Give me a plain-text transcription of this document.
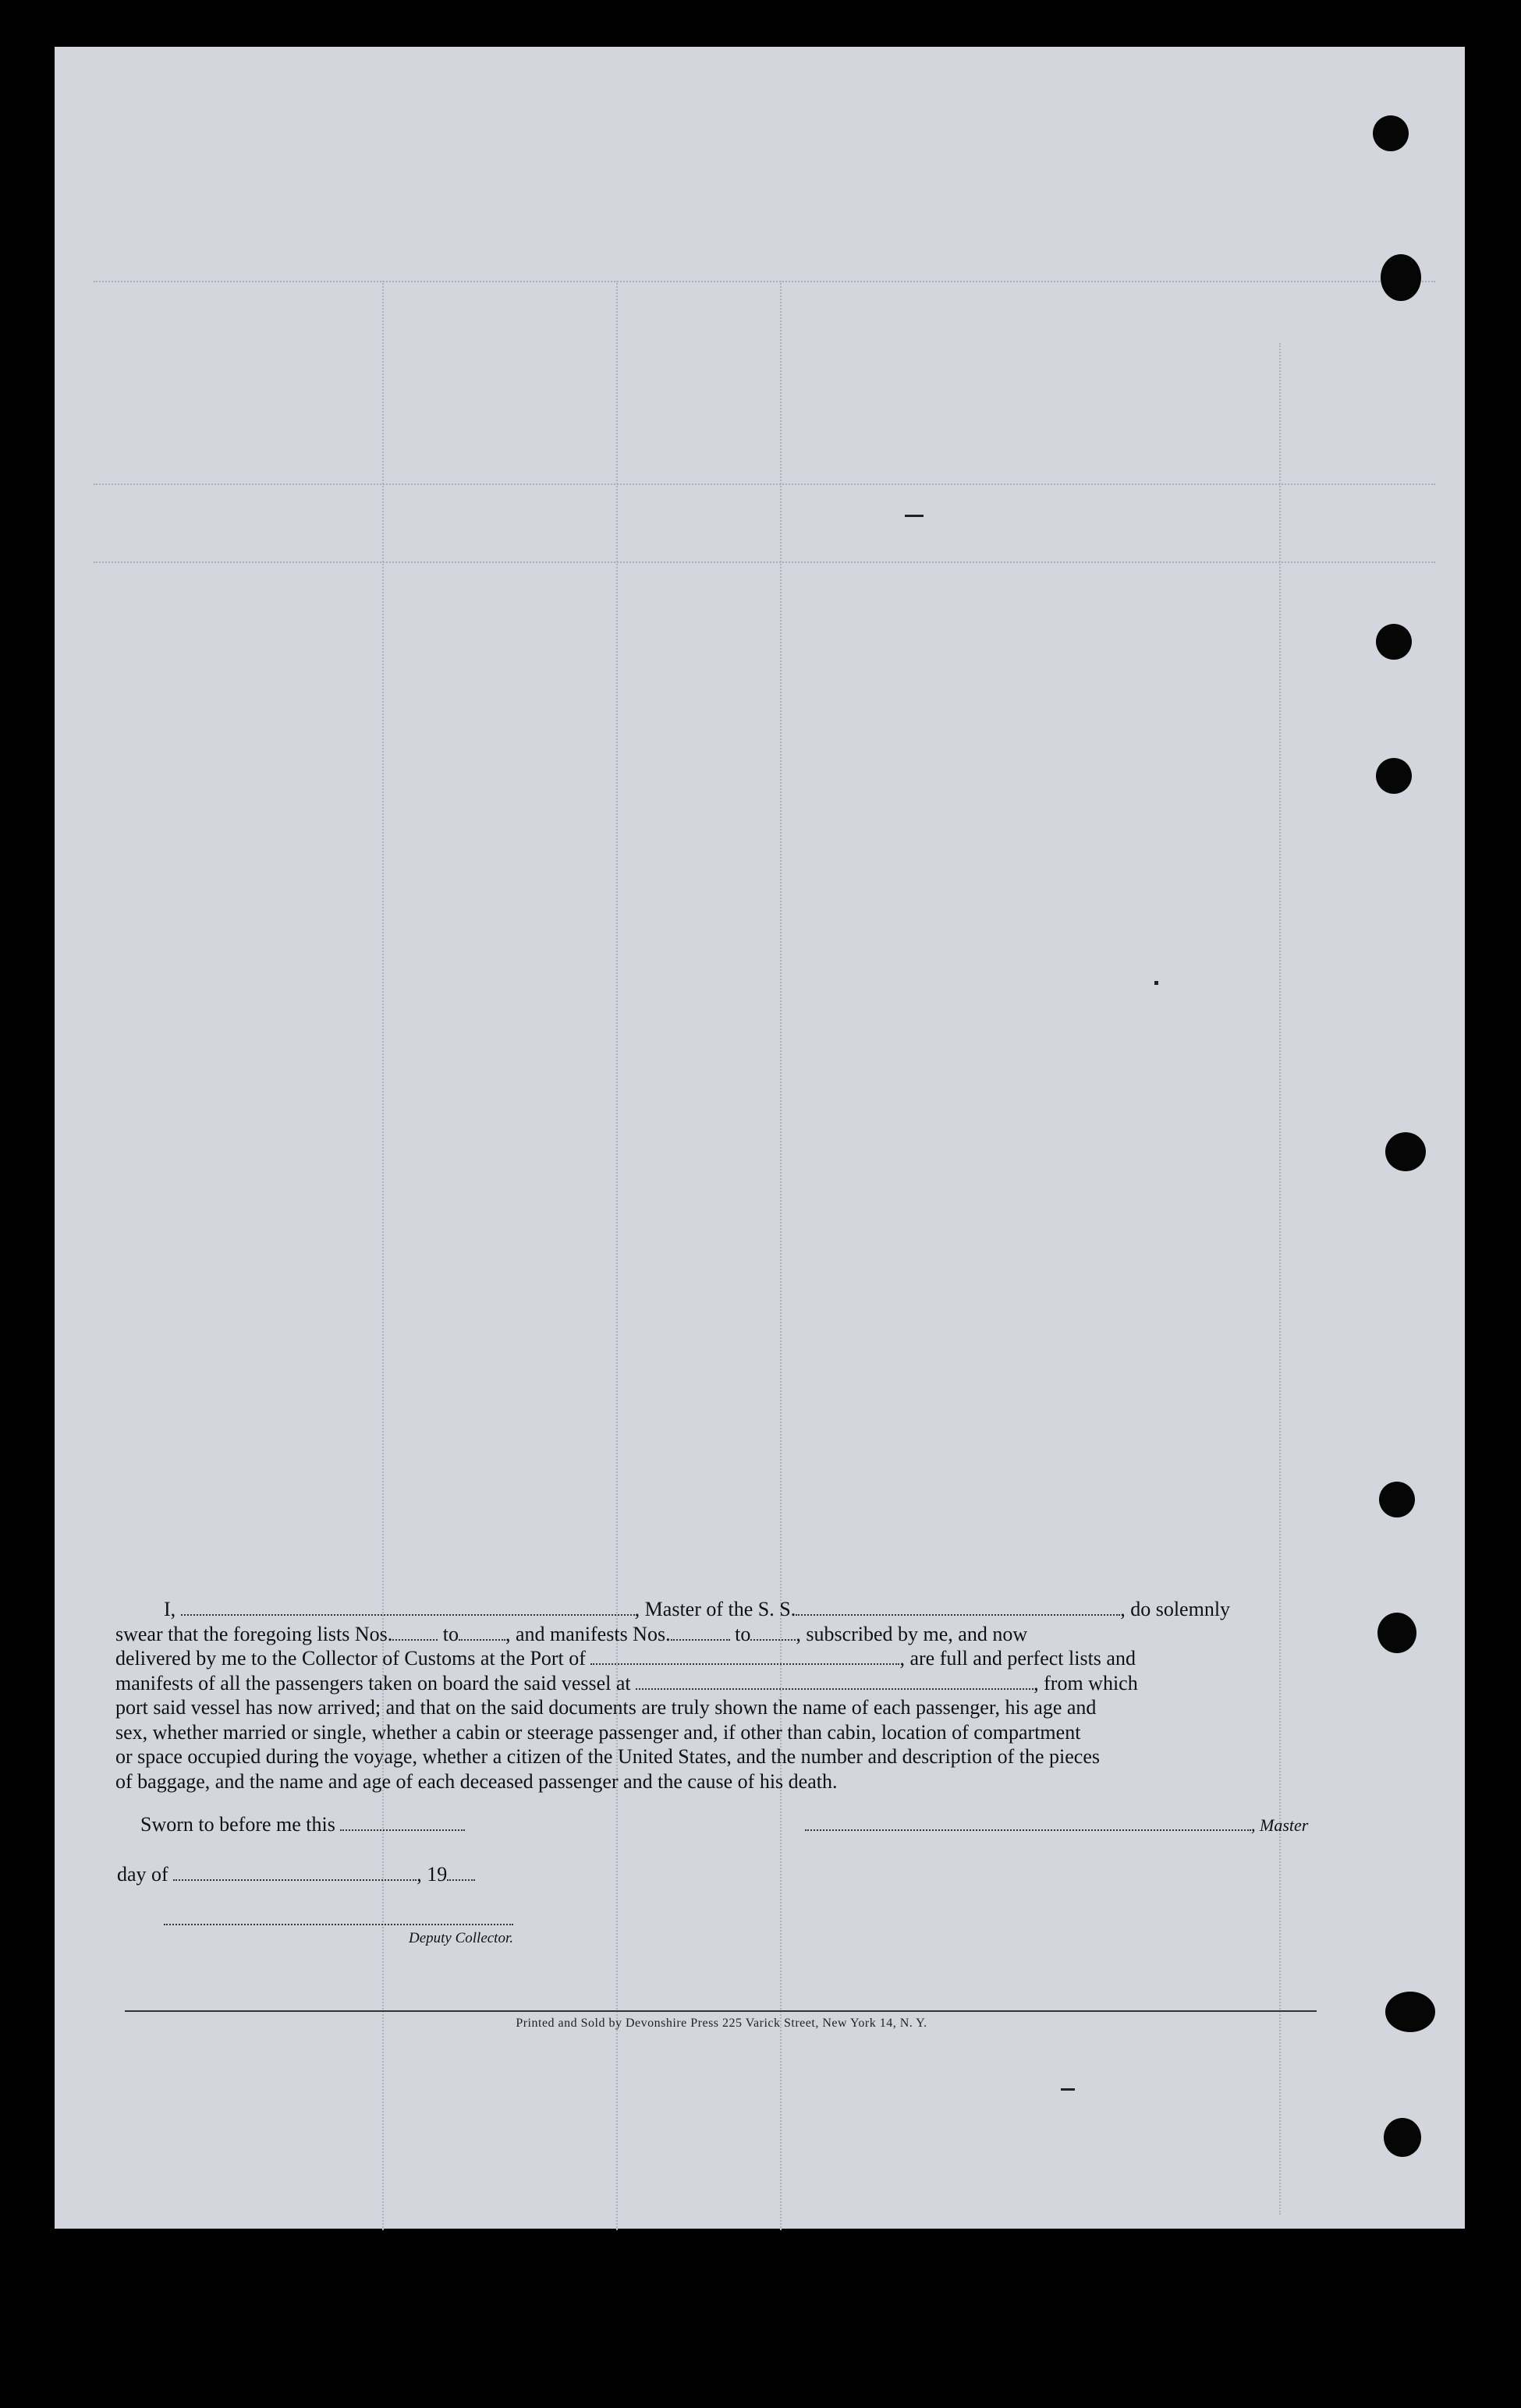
I,	, Master of the S. S.	, do solemnly
swear that the foregoing lists Nos. to , and manifests Nos.	to , subscribed by me, and now
delivered by me to the Collector of Customs at the Port of	, are full and perfect lists and
manifests of all the passengers taken on board the said vessel at	, from which
port said vessel has now arrived; and that on the said documents are truly shown the name of each passenger, his age and
sex, whether married or single, whether a cabin or steerage passenger and, if other than cabin, location of compartment
or space occupied during the voyage, whether a citizen of the United States, and the number and description of the pieces
of baggage, and the name and age of each deceased passenger and the cause of his death.
Sworn to before me this	, Master
day of	, 19
Deputy Collector.
Printed and Sold by Devonshire Press 225 Varick Street, New York 14, N. Y.
